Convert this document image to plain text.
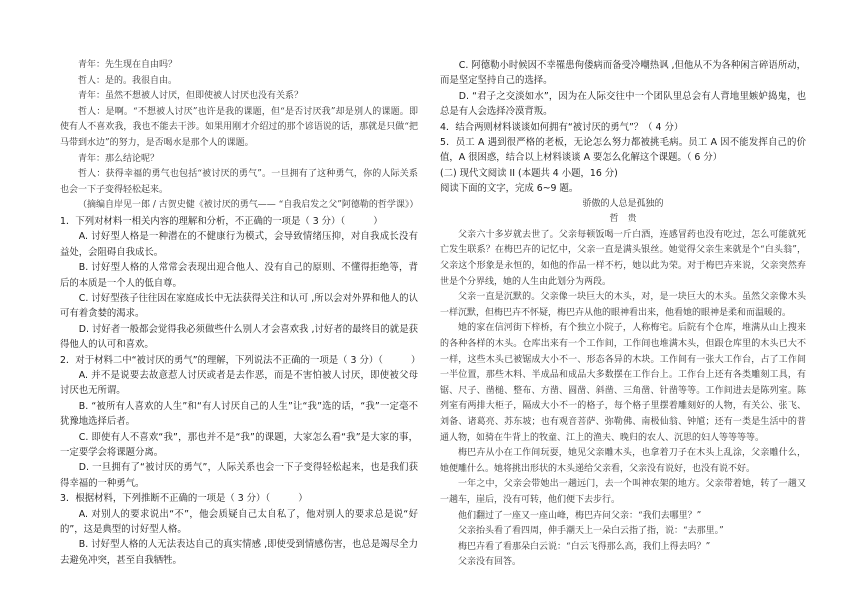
青年：先生现在自由吗？

哲人：是的。我很自由。

青年：虽然不想被人讨厌，但即使被人讨厌也没有关系？

哲人：是啊。“不想被人讨厌”也许是我的课题，但“是否讨厌我”却是别人的课题。即使有人不喜欢我，我也不能去干涉。如果用刚才介绍过的那个谚语说的话，那就是只做“把马带到水边”的努力，是否喝水是那个人的课题。

青年：那么结论呢？

哲人：获得幸福的勇气也包括“被讨厌的勇气”。一旦拥有了这种勇气，你的人际关系也会一下子变得轻松起来。

（摘编自岸见一郎 / 古贺史健《被讨厌的勇气—— “自我启发之父”阿德勒的哲学课》）

1．下列对材料一相关内容的理解和分析，不正确的一项是（ 3 分）（　　　）

A. 讨好型人格是一种潜在的不健康行为模式，会导致情绪压抑，对自我成长没有益处，会阻碍自我成长。

B. 讨好型人格的人常常会表现出迎合他人、没有自己的原则、不懂得拒绝等，背后的本质是一个人的低自尊。

C. 讨好型孩子往往因在家庭成长中无法获得关注和认可 ,所以会对外界和他人的认可有着贪婪的渴求。

D. 讨好者一般都会觉得我必须做些什么别人才会喜欢我 ,讨好者的最终目的就是获得他人的认可和喜欢。

2．对于材料二中“被讨厌的勇气”的理解，下列说法不正确的一项是（ 3 分）（　　　）

A. 并不是说要去故意惹人讨厌或者是去作恶，而是不害怕被人讨厌，即使被父母讨厌也无所谓。

B. “被所有人喜欢的人生”和“有人讨厌自己的人生”让“我”选的话，“我”一定毫不犹豫地选择后者。

C. 即使有人不喜欢“我”，那也并不是“我”的课题，大家怎么看“我”是大家的事，一定要学会将课题分离。

D. 一旦拥有了“被讨厌的勇气”，人际关系也会一下子变得轻松起来，也是我们获得幸福的一种勇气。

3．根据材料，下列推断不正确的一项是（ 3 分）（　　　）

A. 对别人的要求说出“不”，他会质疑自己太自私了，他对别人的要求总是说“好的”，这是典型的讨好型人格。

B. 讨好型人格的人无法表达自己的真实情感 ,即使受到情感伤害，也总是竭尽全力去避免冲突，甚至自我牺牲。

C. 阿德勒小时候因不幸罹患佝偻病而备受冷嘲热讽 ,但他从不为各种闲言碎语所动，而是坚定坚持自己的选择。

D. “君子之交淡如水”，因为在人际交往中一个团队里总会有人背地里嫉妒捣鬼，也总是有人会选择冷漠背叛。

4．结合两则材料谈谈如何拥有“被讨厌的勇气”？（ 4 分）

5．员工 A 遇到很严格的老板，无论怎么努力都被挑毛病。员工 A 因不能发挥自己的价值，A 很困惑，结合以上材料谈谈 A 要怎么化解这个课题。（ 6 分）

(二) 现代文阅读 II (本题共 4 小题，16 分)

阅读下面的文字，完成 6~9 题。

骄傲的人总是孤独的

哲　贵

父亲六十多岁就去世了。父亲每顿饭喝一斤白酒，连感冒药也没有吃过，怎么可能就死亡发生联系？在梅巴卉的记忆中，父亲一直是满头银丝。她觉得父亲生来就是个“白头翁”，父亲这个形象是永恒的，如他的作品一样不朽，她以此为荣。对于梅巴卉来说，父亲突然弃世是个分界线，她的人生由此划分为两段。

父亲一直是沉默的。父亲像一块巨大的木头，对，是一块巨大的木头。虽然父亲像木头一样沉默，但梅巴卉不怀疑，梅巴卉从他的眼神看出来，他看她的眼神是柔和而温暖的。

她的家在信河街下梓桥，有个独立小院子，人称梅宅。后院有个仓库，堆满从山上搜来的各种各样的木头。仓库出来有一个工作间，工作间也堆满木头，但跟仓库里的木头已大不一样，这些木头已被锯成大小不一、形态各异的木块。工作间有一张大工作台，占了工作间一半位置，那些木料、半成品和成品大多数摆在工作台上。工作台上还有各类雕刻工具，有锯、尺子、凿槌、整布、方凿、圆凿、斜凿、三角凿、针凿等等。工作间进去是陈列室。陈列室有两排大柜子，隔成大小不一的格子，每个格子里摆着雕刻好的人物，有关公、张飞、刘备、诸葛亮、苏东坡；也有观音菩萨、弥勒佛、南极仙翁、钟馗；还有一类是生活中的普通人物，如骑在牛背上的牧童、江上的渔夫、晚归的农人、沉思的妇人等等等等。

梅巴卉从小在工作间玩耍，她见父亲雕木头，也拿着刀子在木头上乱涂，父亲雕什么，她便雕什么。她将挑出形状的木头递给父亲看，父亲没有说好，也没有说不好。

一年之中，父亲会带她出一趟远门，去一个叫神农架的地方。父亲带着她，转了一趟又一趟车，崖后，没有可转，他们便下去步行。

他们翻过了一座又一座山峰，梅巴卉问父亲：“我们去哪里？”

父亲抬头看了看四周，伸手潮天上一朵白云指了指，说：“去那里。”

梅巴卉看了看那朵白云说：“白云飞得那么高，我们上得去吗？”

父亲没有回答。
